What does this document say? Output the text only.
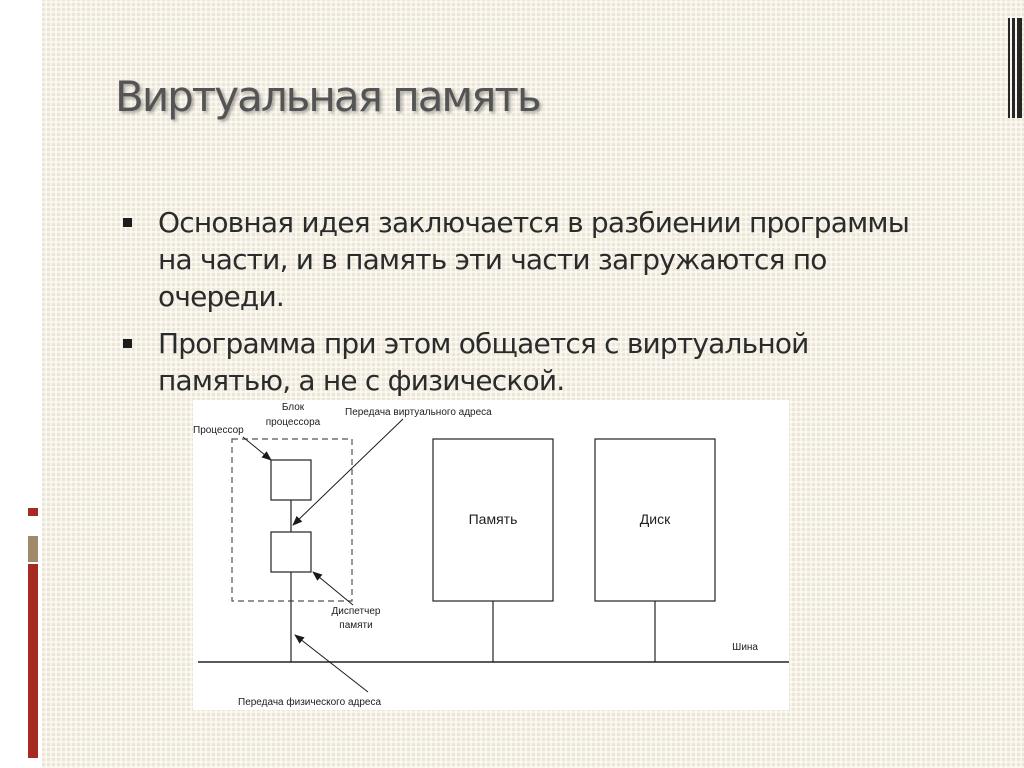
Виртуальная память
Основная идея заключается в разбиении программы на части, и в память эти части загружаются по очереди.
Программа при этом общается с виртуальной памятью, а не с физической.
Блок
процессора
Процессор
Передача виртуального адреса
Память	Диск
Диспетчер
памяти
Шина
Передача физического адреса
